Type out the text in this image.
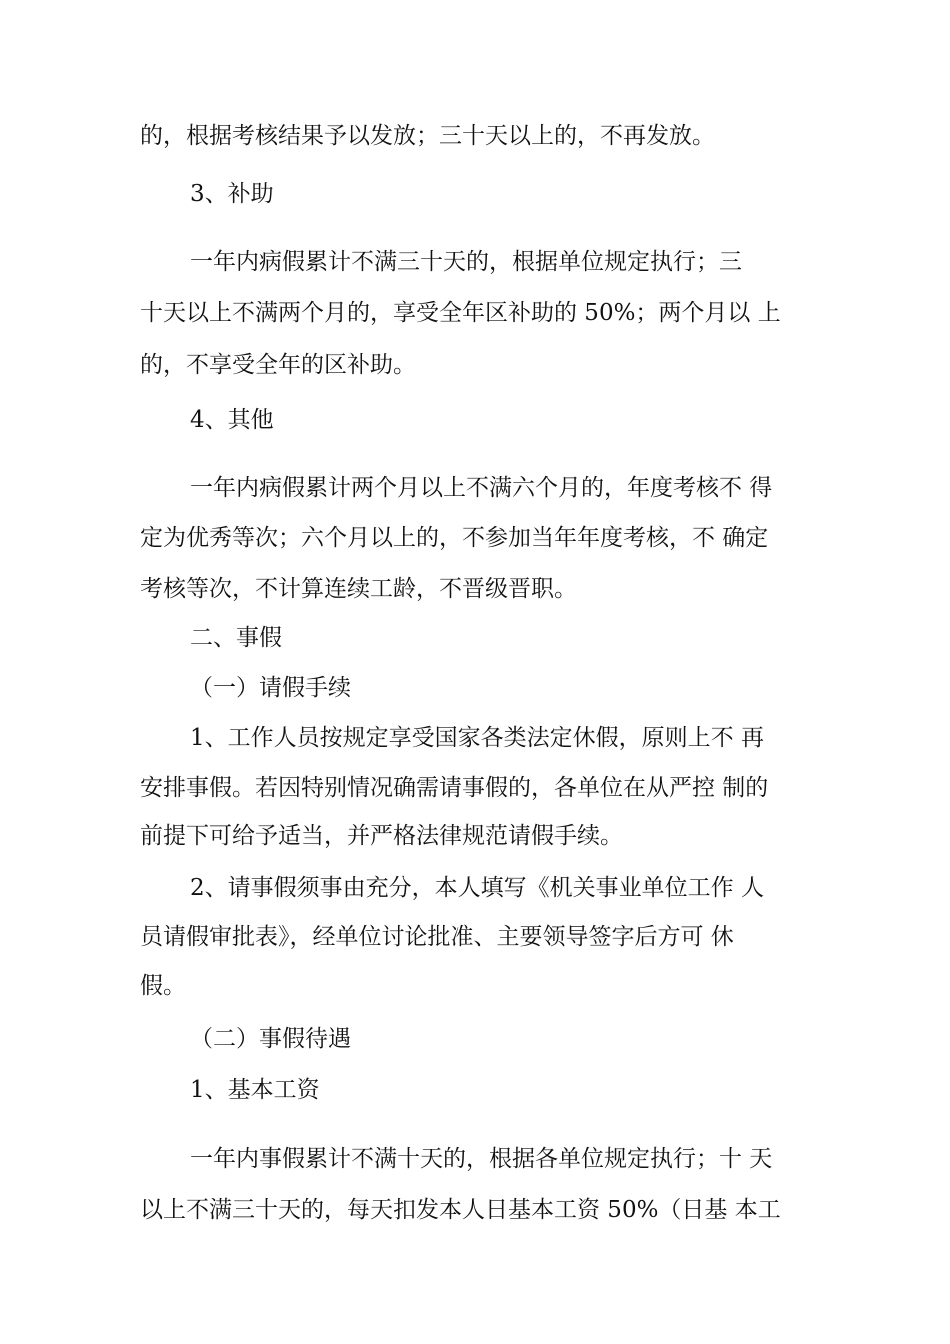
的，根据考核结果予以发放；三十天以上的，不再发放。
3、补助
一年内病假累计不满三十天的，根据单位规定执行；三
十天以上不满两个月的，享受全年区补助的 50%；两个月以 上
的，不享受全年的区补助。
4、其他
一年内病假累计两个月以上不满六个月的，年度考核不 得
定为优秀等次；六个月以上的，不参加当年年度考核，不 确定
考核等次，不计算连续工龄，不晋级晋职。
二、事假
（一）请假手续
1、工作人员按规定享受国家各类法定休假，原则上不 再
安排事假。若因特别情况确需请事假的，各单位在从严控 制的
前提下可给予适当，并严格法律规范请假手续。
2、请事假须事由充分，本人填写《机关事业单位工作 人
员请假审批表》，经单位讨论批准、主要领导签字后方可 休
假。
（二）事假待遇
1、基本工资
一年内事假累计不满十天的，根据各单位规定执行；十 天
以上不满三十天的，每天扣发本人日基本工资 50%（日基 本工
